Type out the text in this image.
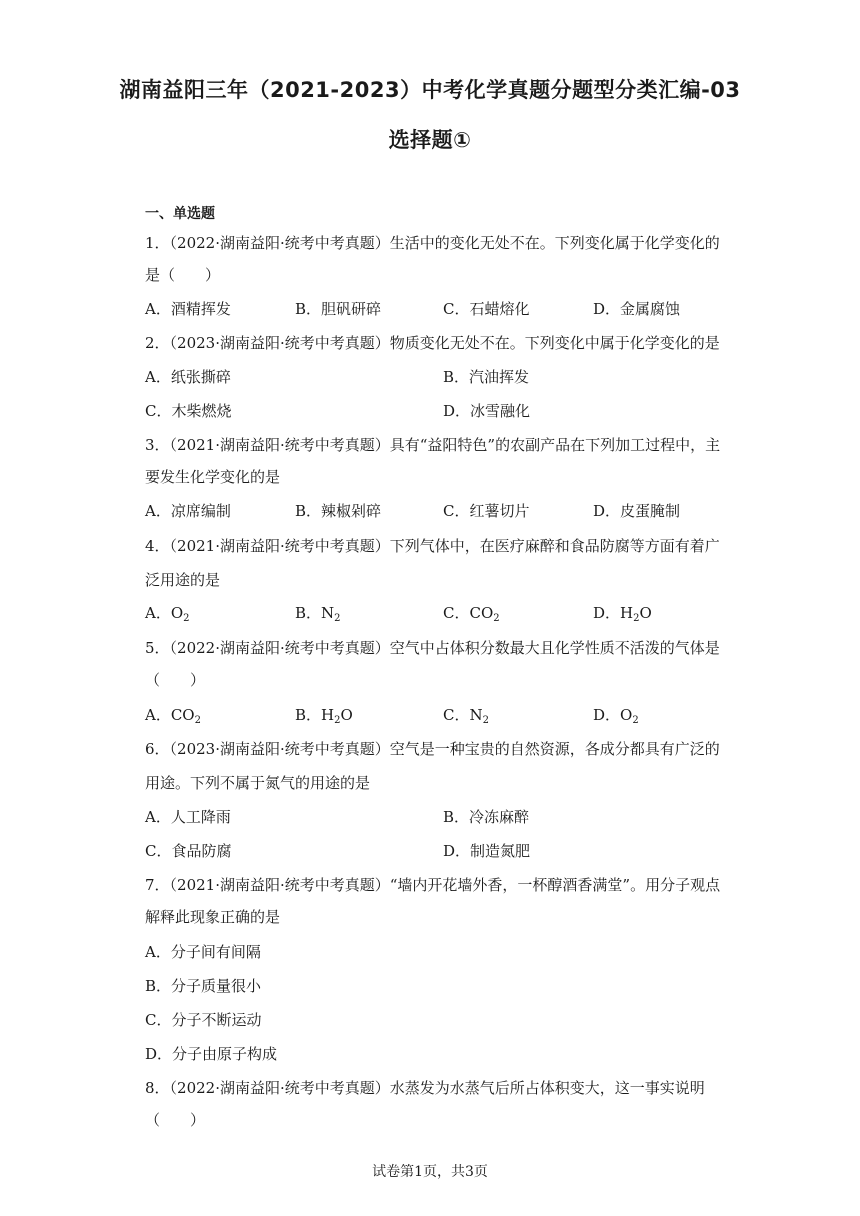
湖南益阳三年（2021-2023）中考化学真题分题型分类汇编-03
选择题①
一、单选题
1．（2022·湖南益阳·统考中考真题）生活中的变化无处不在。下列变化属于化学变化的
是（　　）
A．酒精挥发	B．胆矾研碎	C．石蜡熔化	D．金属腐蚀
2．（2023·湖南益阳·统考中考真题）物质变化无处不在。下列变化中属于化学变化的是
A．纸张撕碎	B．汽油挥发
C．木柴燃烧	D．冰雪融化
3．（2021·湖南益阳·统考中考真题）具有“益阳特色”的农副产品在下列加工过程中，主
要发生化学变化的是
A．凉席编制	B．辣椒剁碎	C．红薯切片	D．皮蛋腌制
4．（2021·湖南益阳·统考中考真题）下列气体中，在医疗麻醉和食品防腐等方面有着广
泛用途的是
A．$O_2$	B．$N_2$	C．$CO_2$	D．$H_2O$
5．（2022·湖南益阳·统考中考真题）空气中占体积分数最大且化学性质不活泼的气体是
（　　）
A．$CO_2$	B．$H_2O$	C．$N_2$	D．$O_2$
6．（2023·湖南益阳·统考中考真题）空气是一种宝贵的自然资源，各成分都具有广泛的
用途。下列不属于氮气的用途的是
A．人工降雨	B．冷冻麻醉
C．食品防腐	D．制造氮肥
7．（2021·湖南益阳·统考中考真题）“墙内开花墙外香，一杯醇酒香满堂”。用分子观点
解释此现象正确的是
A．分子间有间隔
B．分子质量很小
C．分子不断运动
D．分子由原子构成
8．（2022·湖南益阳·统考中考真题）水蒸发为水蒸气后所占体积变大，这一事实说明
（　　）
试卷第1页，共3页
